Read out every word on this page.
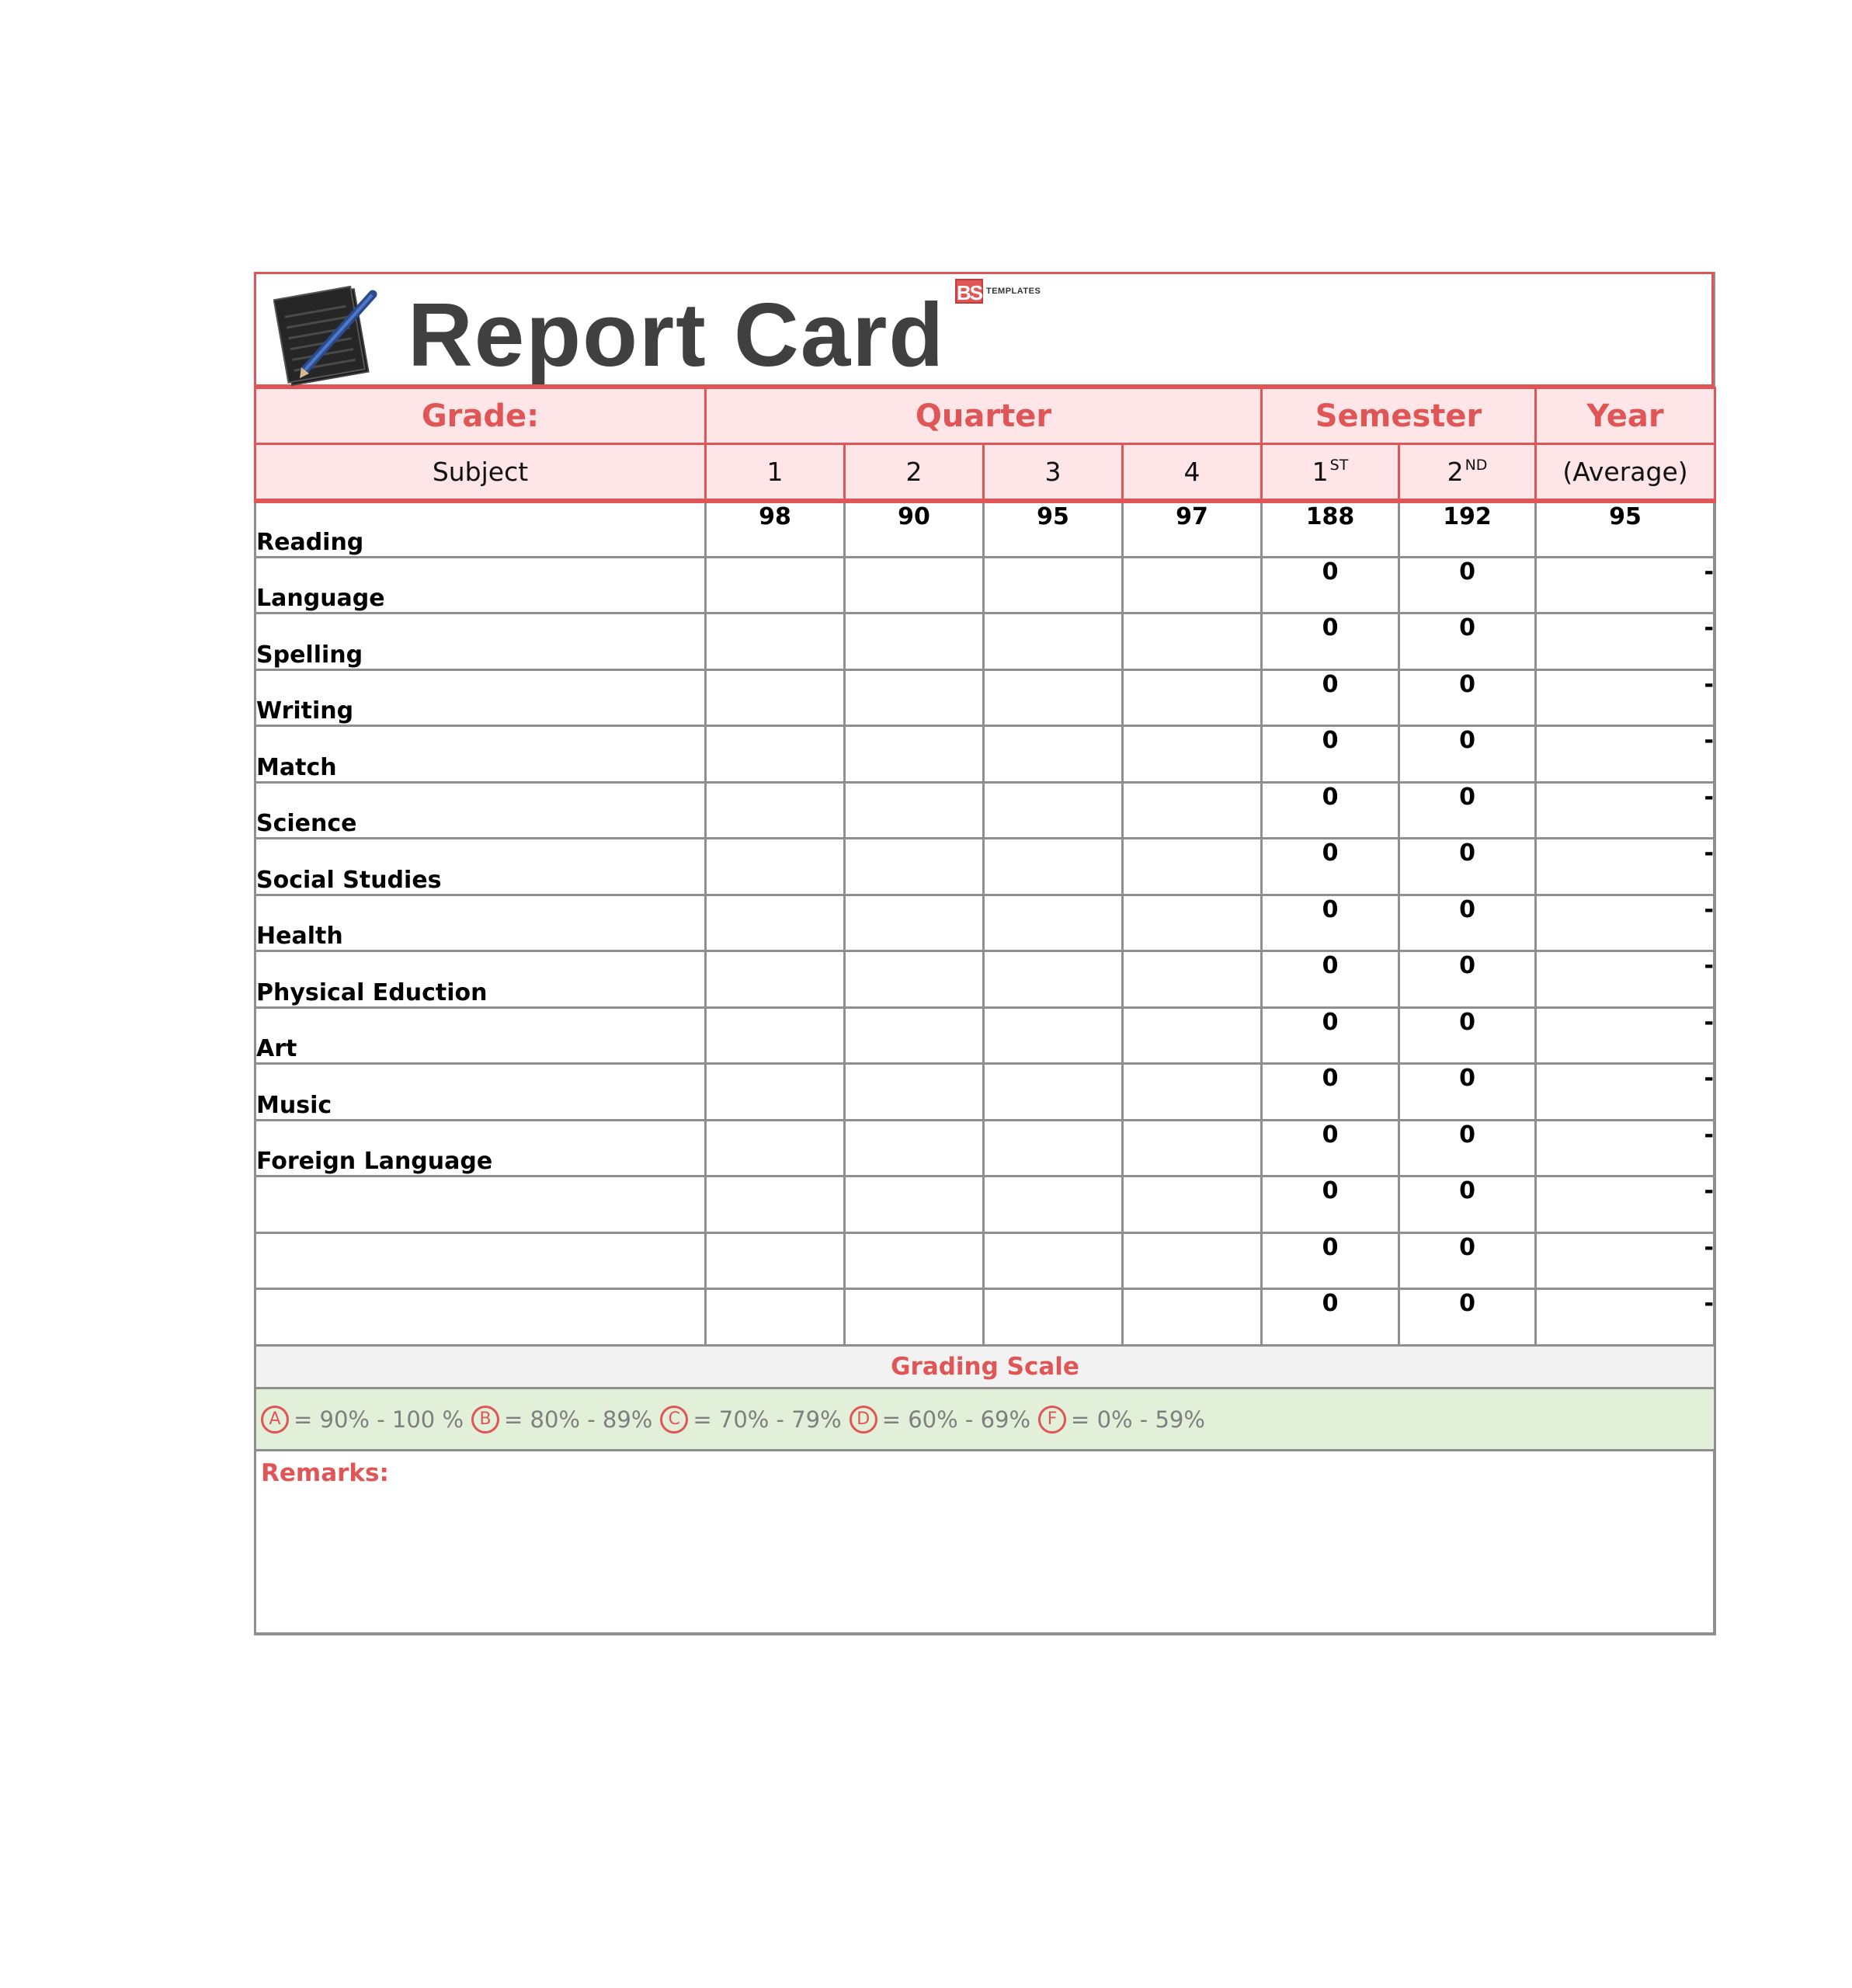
Report Card BS TEMPLATES
Grade:	Quarter				Semester		Year
Subject	1	2	3	4	1 $^{ST}$	2 $^{ND}$	(Average)
Reading	98	90	95	97	188	192	95
Language					0	0	-
Spelling					0	0	-
Writing					0	0	-
Match					0	0	-
Science					0	0	-
Social Studies					0	0	-
Health					0	0	-
Physical Eduction					0	0	-
Art					0	0	-
Music					0	0	-
Foreign Language					0	0	-
					0	0	-
					0	0	-
					0	0	-
Grading Scale							
A = 90% - 100 % B = 80% - 89% C = 70% - 79% D = 60% - 69% F = 0% - 59%							

Remarks:							
